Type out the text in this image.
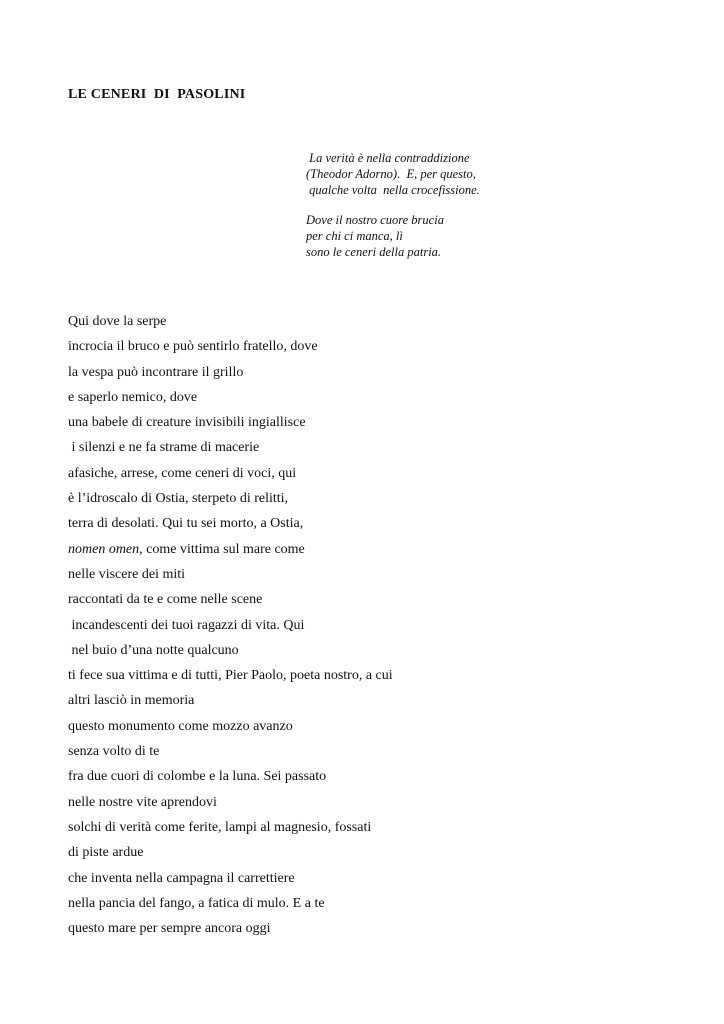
LE CENERI  DI  PASOLINI
La verità è nella contraddizione
(Theodor Adorno).  E, per questo,
qualche volta  nella crocefissione.
Dove il nostro cuore brucia
per chi ci manca, lì
sono le ceneri della patria.
Qui dove la serpe
incrocia il bruco e può sentirlo fratello, dove
la vespa può incontrare il grillo
e saperlo nemico, dove
una babele di creature invisibili ingiallisce
i silenzi e ne fa strame di macerie
afasiche, arrese, come ceneri di voci, qui
è l’idroscalo di Ostia, sterpeto di relitti,
terra di desolati. Qui tu sei morto, a Ostia,
nomen omen, come vittima sul mare come
nelle viscere dei miti
raccontati da te e come nelle scene
incandescenti dei tuoi ragazzi di vita. Qui
nel buio d’una notte qualcuno
ti fece sua vittima e di tutti, Pier Paolo, poeta nostro, a cui
altri lasciò in memoria
questo monumento come mozzo avanzo
senza volto di te
fra due cuori di colombe e la luna. Sei passato
nelle nostre vite aprendovi
solchi di verità come ferite, lampi al magnesio, fossati
di piste ardue
che inventa nella campagna il carrettiere
nella pancia del fango, a fatica di mulo. E a te
questo mare per sempre ancora oggi
